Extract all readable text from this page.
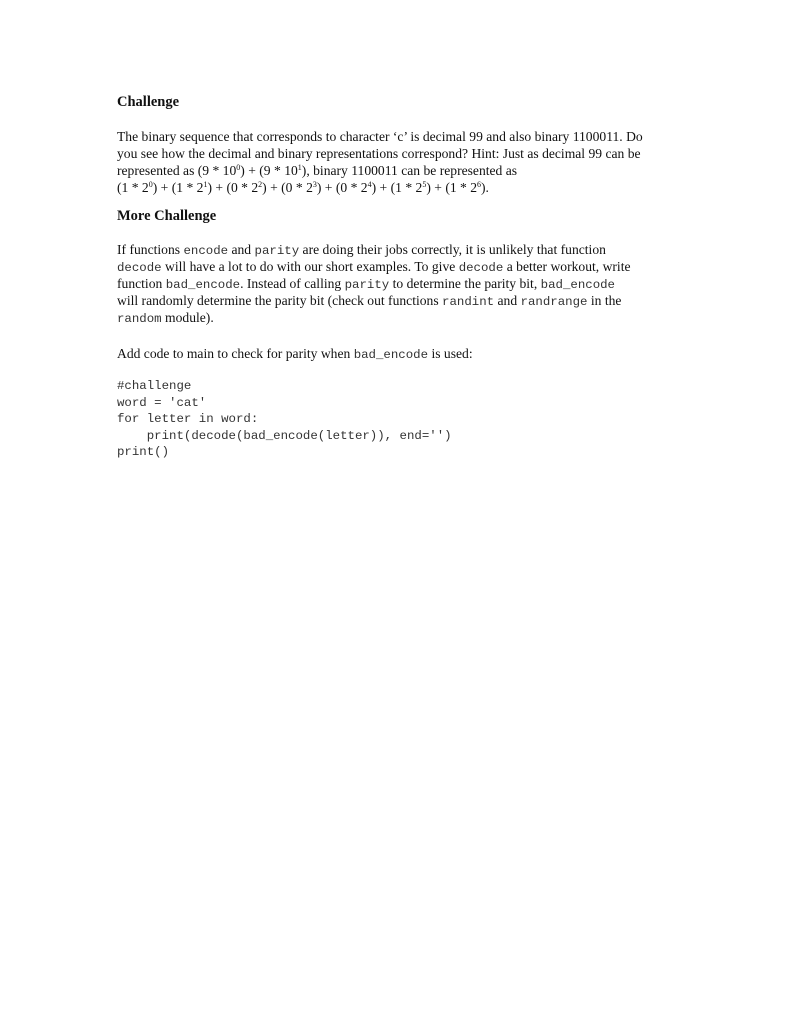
Challenge
The binary sequence that corresponds to character ‘c’ is decimal 99 and also binary 1100011. Do
you see how the decimal and binary representations correspond? Hint: Just as decimal 99 can be
represented as $(9 * 10^0) + (9 * 10^1)$, binary 1100011 can be represented as
$(1 * 2^0) + (1 * 2^1) + (0 * 2^2) + (0 * 2^3) + (0 * 2^4) + (1 * 2^5) + (1 * 2^6)$.
More Challenge
If functions encode and parity are doing their jobs correctly, it is unlikely that function
decode will have a lot to do with our short examples. To give decode a better workout, write
function bad_encode. Instead of calling parity to determine the parity bit, bad_encode
will randomly determine the parity bit (check out functions randint and randrange in the
random module).
Add code to main to check for parity when bad_encode is used:
#challenge
word = 'cat'
for letter in word:
print(decode(bad_encode(letter)), end='')
print()
